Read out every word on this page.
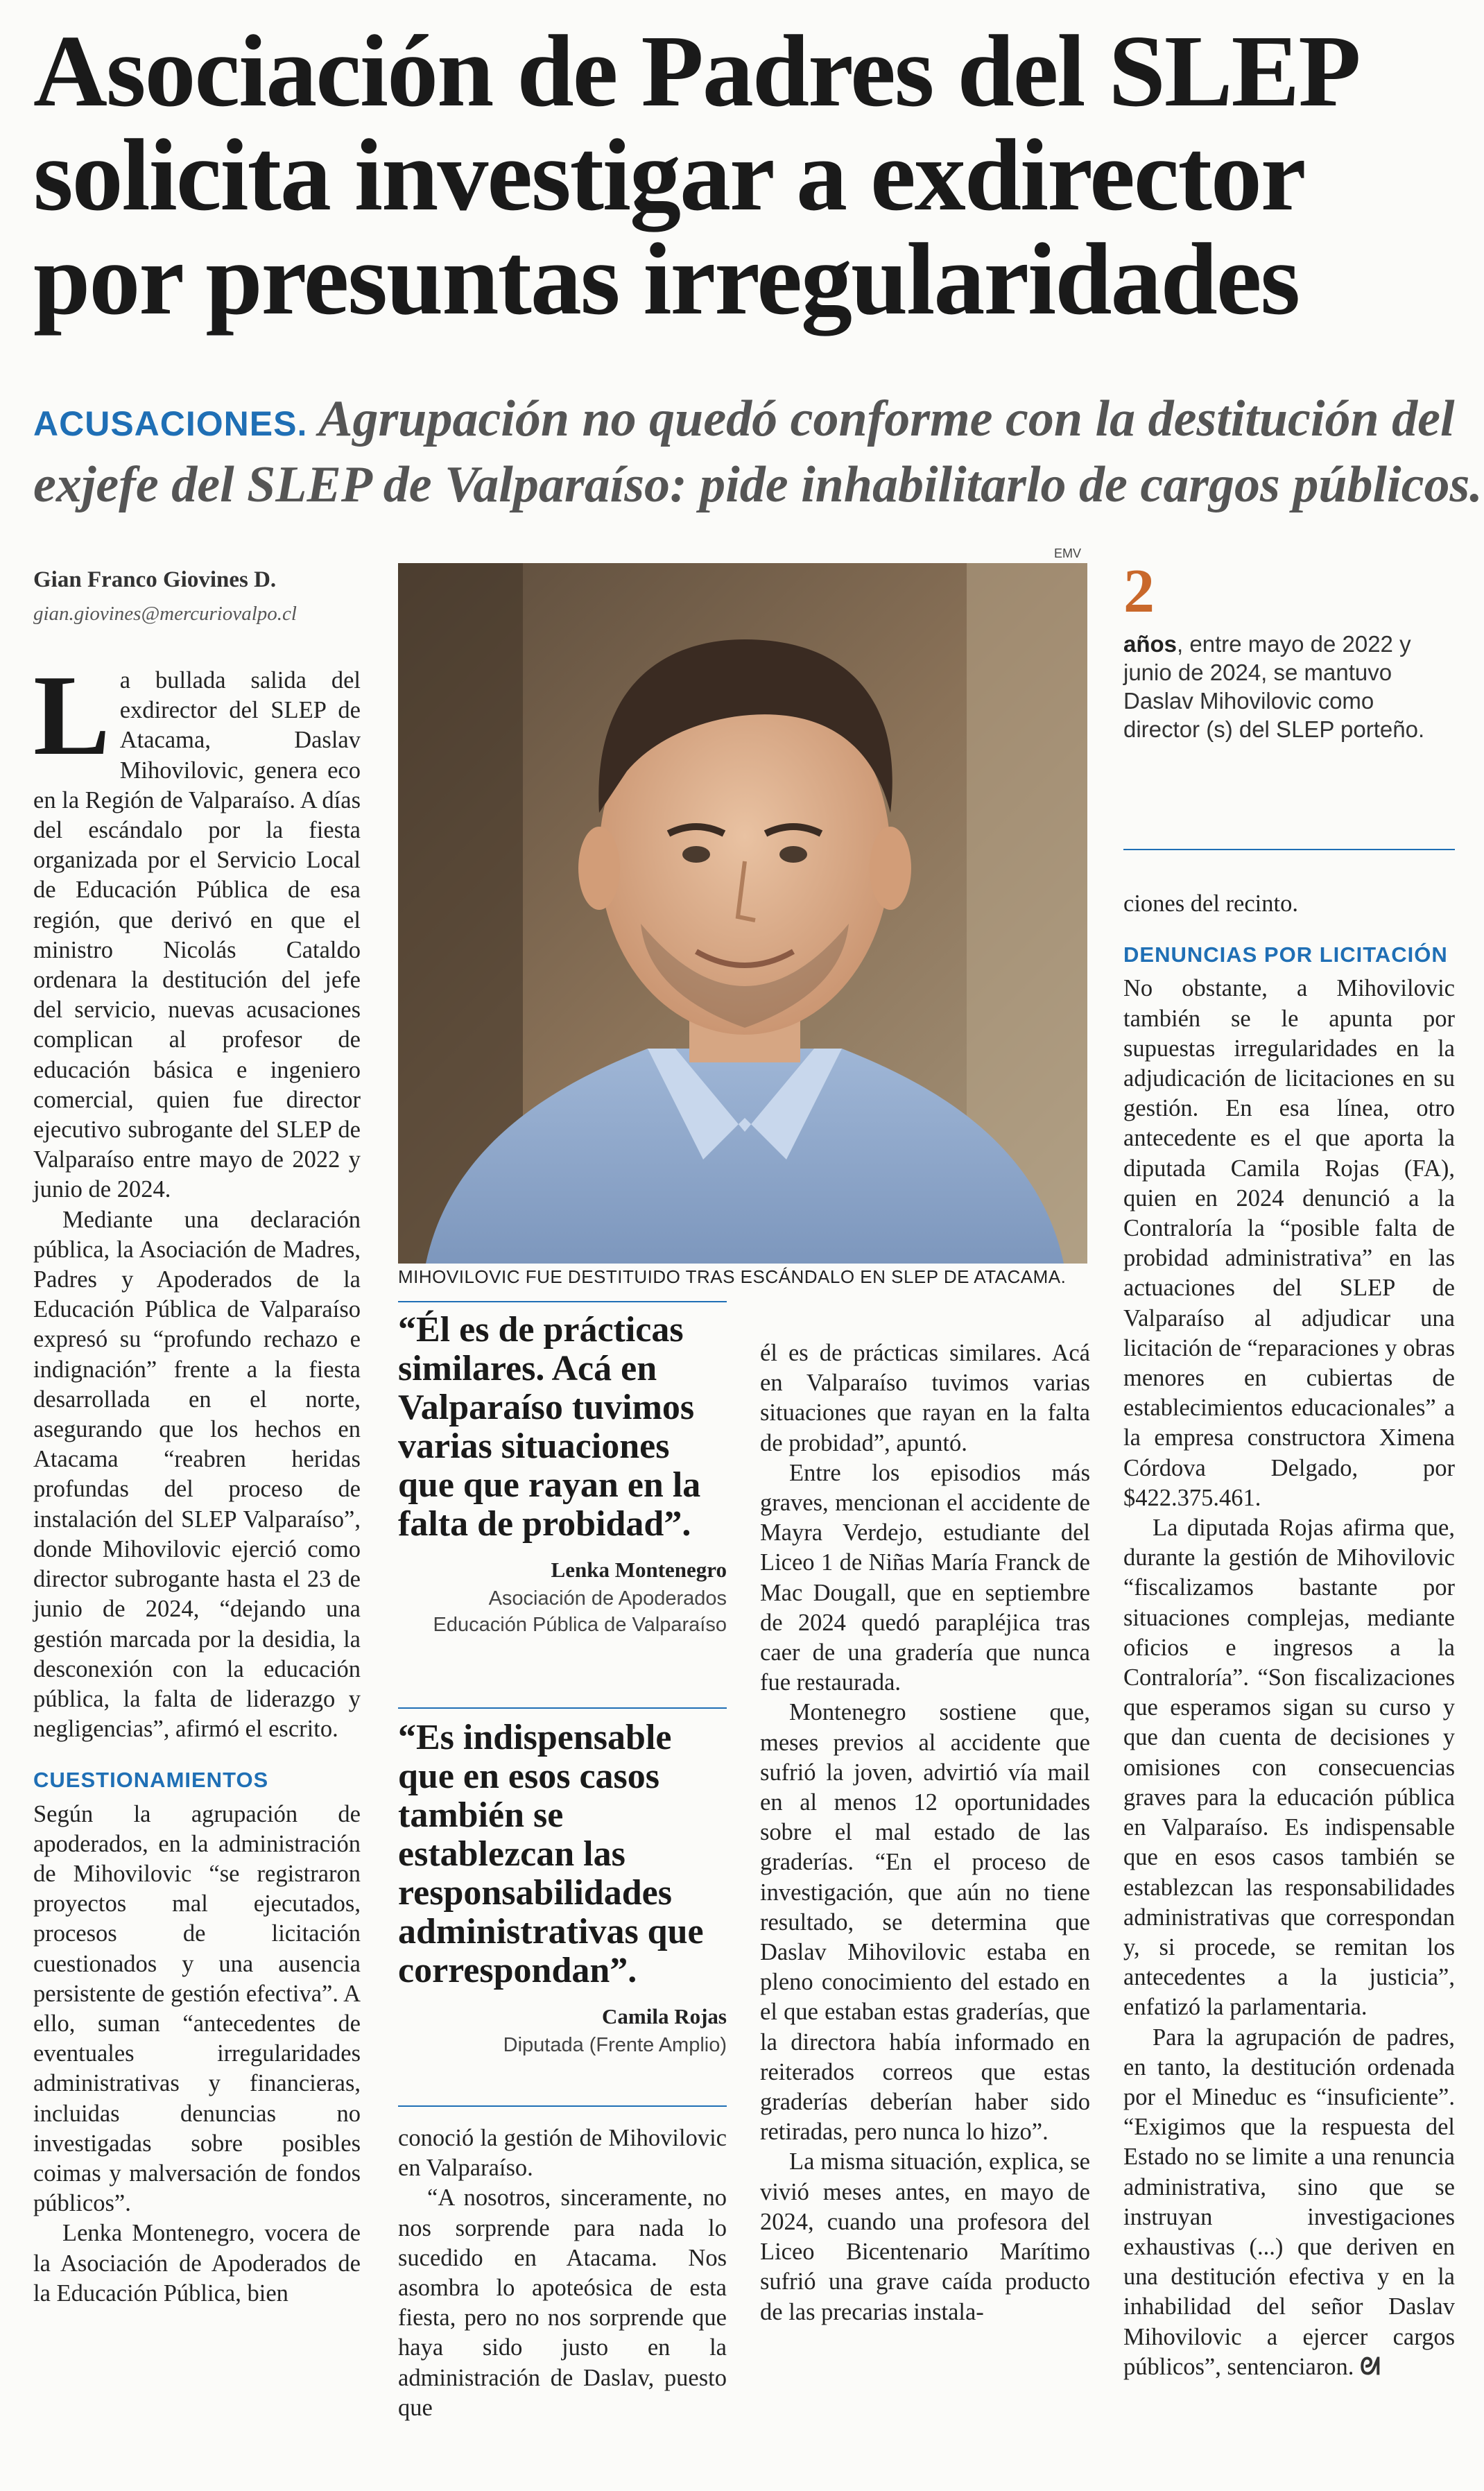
Asociación de Padres del SLEP
solicita investigar a exdirector
por presuntas irregularidades
ACUSACIONES. Agrupación no quedó conforme con la destitución del
exjefe del SLEP de Valparaíso: pide inhabilitarlo de cargos públicos.
Gian Franco Giovines D.
gian.giovines@mercuriovalpo.cl

La bullada salida del exdirector del SLEP de Atacama, Daslav Mihovilovic, genera eco en la Región de Valparaíso. A días del escándalo por la fiesta organizada por el Servicio Local de Educación Pública de esa región, que derivó en que el ministro Nicolás Cataldo ordenara la destitución del jefe del servicio, nuevas acusaciones complican al profesor de educación básica e ingeniero comercial, quien fue director ejecutivo subrogante del SLEP de Valparaíso entre mayo de 2022 y junio de 2024.

Mediante una declaración pública, la Asociación de Madres, Padres y Apoderados de la Educación Pública de Valparaíso expresó su “profundo rechazo e indignación” frente a la fiesta desarrollada en el norte, asegurando que los hechos en Atacama “reabren heridas profundas del proceso de instalación del SLEP Valparaíso”, donde Mihovilovic ejerció como director subrogante hasta el 23 de junio de 2024, “dejando una gestión marcada por la desidia, la desconexión con la educación pública, la falta de liderazgo y negligencias”, afirmó el escrito.

CUESTIONAMIENTOS

Según la agrupación de apoderados, en la administración de Mihovilovic “se registraron proyectos mal ejecutados, procesos de licitación cuestionados y una ausencia persistente de gestión efectiva”. A ello, suman “antecedentes de eventuales irregularidades administrativas y financieras, incluidas denuncias no investigadas sobre posibles coimas y malversación de fondos públicos”.

Lenka Montenegro, vocera de la Asociación de Apoderados de la Educación Pública, bien

EMV
MIHOVILOVIC FUE DESTITUIDO TRAS ESCÁNDALO EN SLEP DE ATACAMA.
2
años, entre mayo de 2022 y junio de 2024, se mantuvo Daslav Mihovilovic como director (s) del SLEP porteño.

“Él es de prácticas similares. Acá en Valparaíso tuvimos varias situaciones que que rayan en la falta de probidad”.

Lenka Montenegro
Asociación de Apoderados Educación Pública de Valparaíso

“Es indispensable que en esos casos también se establezcan las responsabilidades administrativas que correspondan”.

Camila Rojas
Diputada (Frente Amplio)

conoció la gestión de Mihovilovic en Valparaíso.

“A nosotros, sinceramente, no nos sorprende para nada lo sucedido en Atacama. Nos asombra lo apoteósica de esta fiesta, pero no nos sorprende que haya sido justo en la administración de Daslav, puesto que

él es de prácticas similares. Acá en Valparaíso tuvimos varias situaciones que rayan en la falta de probidad”, apuntó.

Entre los episodios más graves, mencionan el accidente de Mayra Verdejo, estudiante del Liceo 1 de Niñas María Franck de Mac Dougall, que en septiembre de 2024 quedó parapléjica tras caer de una gradería que nunca fue restaurada.

Montenegro sostiene que, meses previos al accidente que sufrió la joven, advirtió vía mail en al menos 12 oportunidades sobre el mal estado de las graderías. “En el proceso de investigación, que aún no tiene resultado, se determina que Daslav Mihovilovic estaba en pleno conocimiento del estado en el que estaban estas graderías, que la directora había informado en reiterados correos que estas graderías deberían haber sido retiradas, pero nunca lo hizo”.

La misma situación, explica, se vivió meses antes, en mayo de 2024, cuando una profesora del Liceo Bicentenario Marítimo sufrió una grave caída producto de las precarias instala-

ciones del recinto.

DENUNCIAS POR LICITACIÓN

No obstante, a Mihovilovic también se le apunta por supuestas irregularidades en la adjudicación de licitaciones en su gestión. En esa línea, otro antecedente es el que aporta la diputada Camila Rojas (FA), quien en 2024 denunció a la Contraloría la “posible falta de probidad administrativa” en las actuaciones del SLEP de Valparaíso al adjudicar una licitación de “reparaciones y obras menores en cubiertas de establecimientos educacionales” a la empresa constructora Ximena Córdova Delgado, por $422.375.461.

La diputada Rojas afirma que, durante la gestión de Mihovilovic “fiscalizamos bastante por situaciones complejas, mediante oficios e ingresos a la Contraloría”. “Son fiscalizaciones que esperamos sigan su curso y que dan cuenta de decisiones y omisiones con consecuencias graves para la educación pública en Valparaíso. Es indispensable que en esos casos también se establezcan las responsabilidades administrativas que correspondan y, si procede, se remitan los antecedentes a la justicia”, enfatizó la parlamentaria.

Para la agrupación de padres, en tanto, la destitución ordenada por el Mineduc es “insuficiente”. “Exigimos que la respuesta del Estado no se limite a una renuncia administrativa, sino que se instruyan investigaciones exhaustivas (...) que deriven en una destitución efectiva y en la inhabilidad del señor Daslav Mihovilovic a ejercer cargos públicos”, sentenciaron. ᘛ
